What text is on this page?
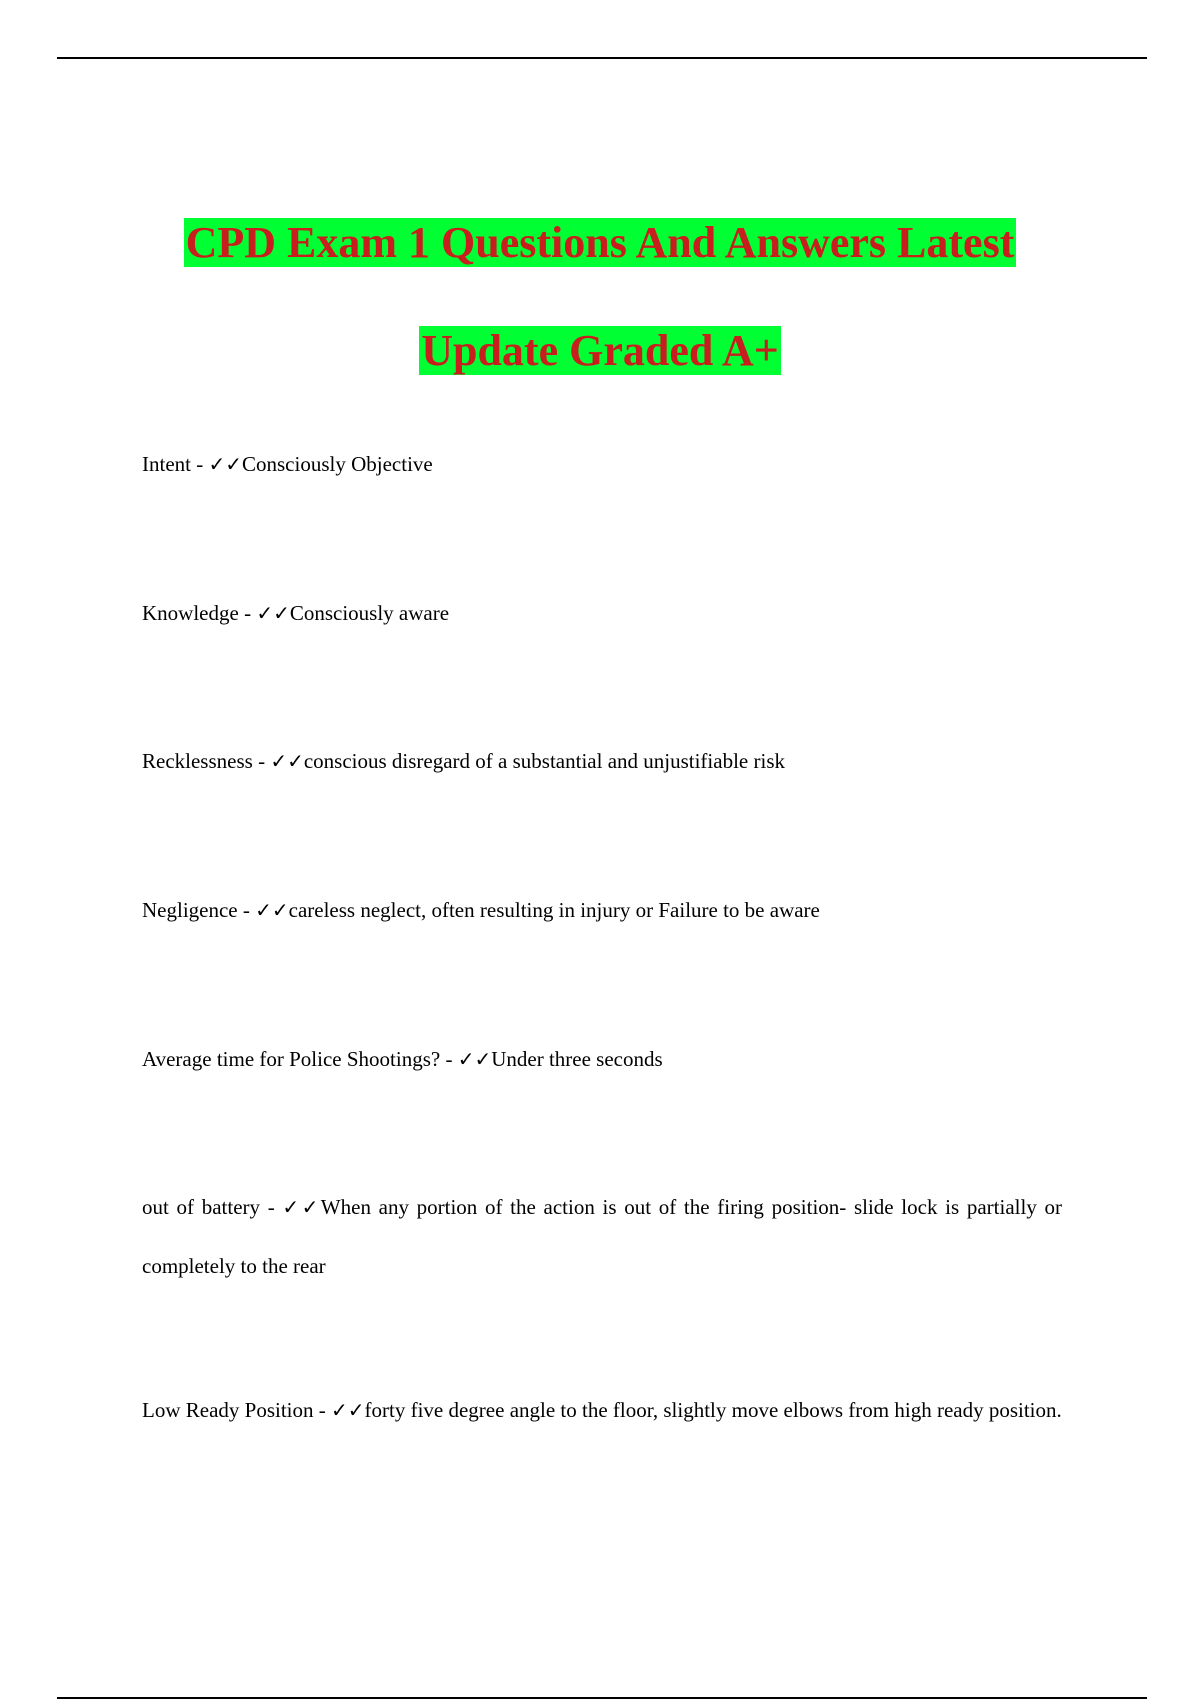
CPD Exam 1 Questions And Answers Latest
Update Graded A+

Intent - ✓✓Consciously Objective

Knowledge - ✓✓Consciously aware

Recklessness - ✓✓conscious disregard of a substantial and unjustifiable risk

Negligence - ✓✓careless neglect, often resulting in injury or Failure to be aware

Average time for Police Shootings? - ✓✓Under three seconds

out of battery - ✓✓When any portion of the action is out of the firing position- slide lock is partially or completely to the rear

Low Ready Position - ✓✓forty five degree angle to the floor, slightly move elbows from high ready position.
